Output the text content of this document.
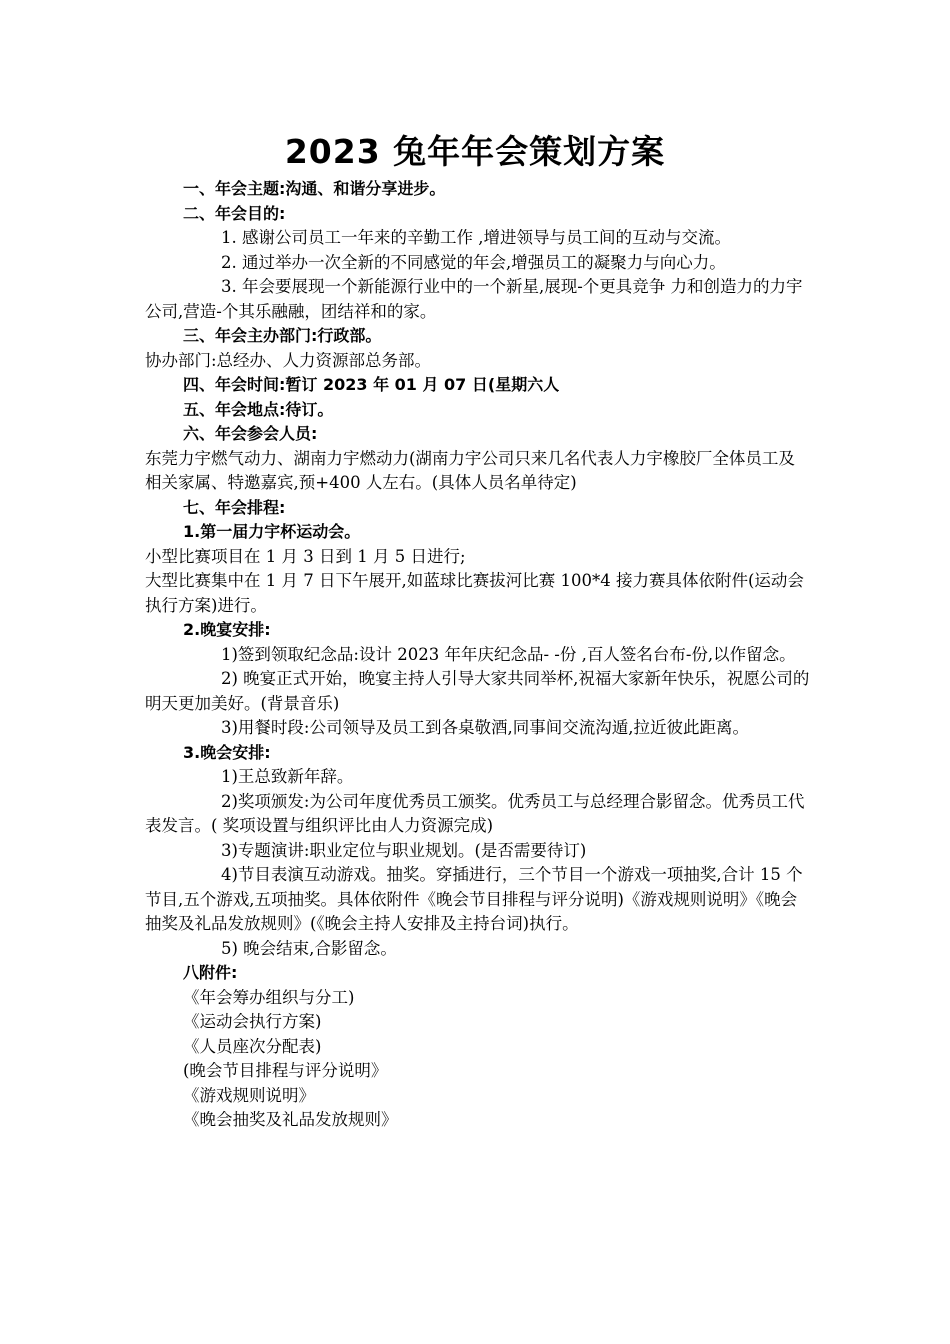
2023 兔年年会策划方案

一、年会主题:沟通、和谐分享进步。

二、年会目的:

1. 感谢公司员工一年来的辛勤工作 ,增进领导与员工间的互动与交流。

2. 通过举办一次全新的不同感觉的年会,增强员工的凝聚力与向心力。

3. 年会要展现一个新能源行业中的一个新星,展现-个更具竞争 力和创造力的力宇公司,营造-个其乐融融，团结祥和的家。

三、年会主办部门:行政部。

协办部门:总经办、人力资源部总务部。

四、年会时间:暂订 2023 年 01 月 07 日(星期六人

五、年会地点:待订。

六、年会参会人员:

东莞力宇燃气动力、湖南力宇燃动力(湖南力宇公司只来几名代表人力宇橡胶厂全体员工及相关家属、特邀嘉宾,预+400 人左右。(具体人员名单待定)

七、年会排程:

1.第一届力宇杯运动会。

小型比赛项目在 1 月 3 日到 1 月 5 日进行;

大型比赛集中在 1 月 7 日下午展开,如蓝球比赛拔河比赛 100*4 接力赛具体依附件(运动会执行方案)进行。

2.晚宴安排:

1)签到领取纪念品:设计 2023 年年庆纪念品- -份 ,百人签名台布-份,以作留念。

2) 晚宴正式开始，晚宴主持人引导大家共同举杯,祝福大家新年快乐，祝愿公司的明天更加美好。(背景音乐)

3)用餐时段:公司领导及员工到各桌敬酒,同事间交流沟遁,拉近彼此距离。

3.晚会安排:

1)王总致新年辞。

2)奖项颁发:为公司年度优秀员工颁奖。优秀员工与总经理合影留念。优秀员工代表发言。( 奖项设置与组织评比由人力资源完成)

3)专题演讲:职业定位与职业规划。(是否需要待订)

4)节目表演互动游戏。抽奖。穿插进行，三个节目一个游戏一项抽奖,合计 15 个节目,五个游戏,五项抽奖。具体依附件《晚会节目排程与评分说明)《游戏规则说明》《晚会抽奖及礼品发放规则》(《晚会主持人安排及主持台词)执行。

5) 晚会结束,合影留念。

八附件:

《年会筹办组织与分工)

《运动会执行方案)

《人员座次分配表)

(晚会节目排程与评分说明》

《游戏规则说明》

《晚会抽奖及礼品发放规则》
